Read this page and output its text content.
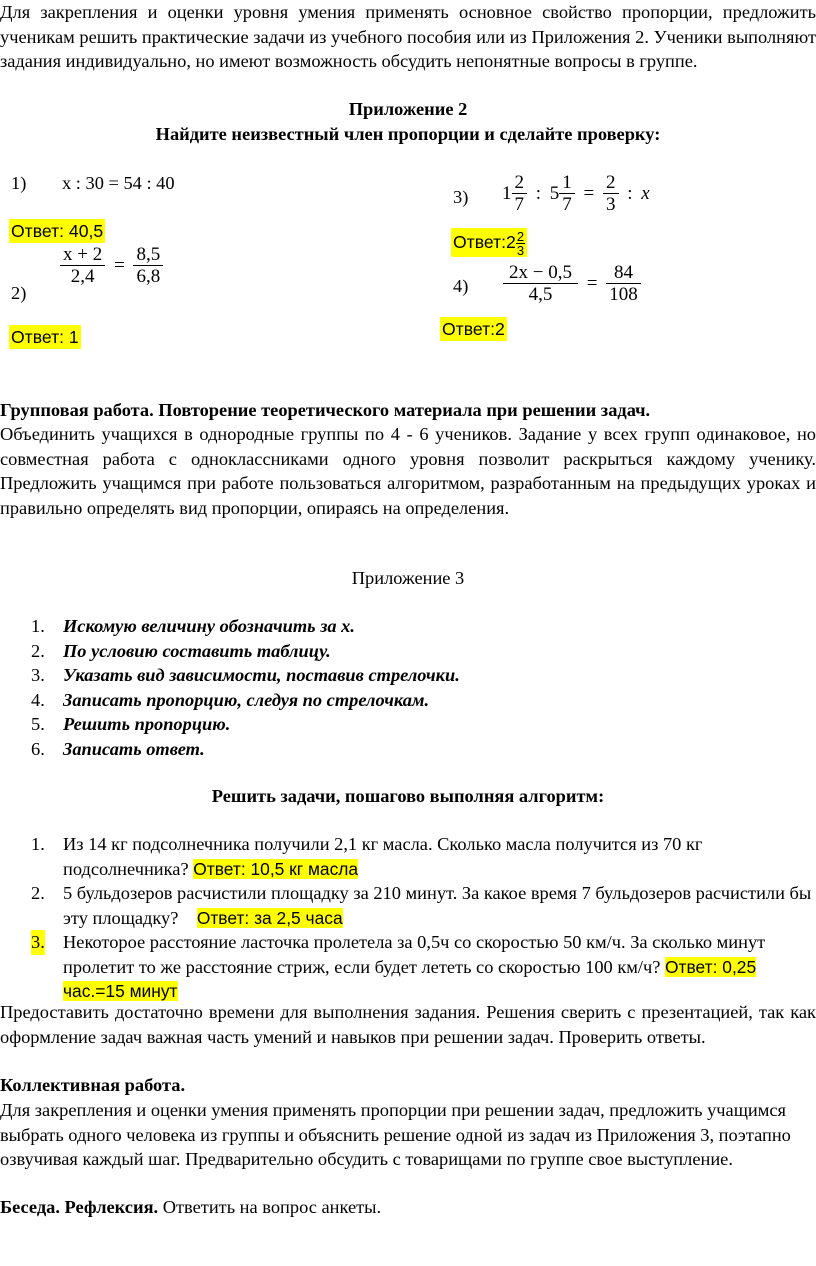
Для закрепления и оценки уровня умения применять основное свойство пропорции, предложить ученикам решить практические задачи из учебного пособия или из Приложения 2. Ученики выполняют задания индивидуально, но имеют возможность обсудить непонятные вопросы в группе.

Приложение 2

Найдите неизвестный член пропорции и сделайте проверку:

1) x : 30 = 54 : 40
Ответ: 40,5
$\frac{x + 2}{2,4} = \frac{8,5}{6,8}$
2)
Ответ: 1
3) $1 \frac{2}{7}$ : $5 \frac{1}{7} = \frac{2}{3}$ : x
Ответ:2 $\frac{2}{3}$
$4) \frac{2x - 0,5}{4,5} = \frac{84}{108}$
Ответ:2

Групповая работа. Повторение теоретического материала при решении задач.

Объединить учащихся в однородные группы по 4 - 6 учеников. Задание у всех групп одинаковое, но совместная работа с одноклассниками одного уровня позволит раскрыться каждому ученику. Предложить учащимся при работе пользоваться алгоритмом, разработанным на предыдущих уроках и правильно определять вид пропорции, опираясь на определения.

Приложение 3

1. Искомую величину обозначить за х.
2. По условию составить таблицу.
3. Указать вид зависимости, поставив стрелочки.
4. Записать пропорцию, следуя по стрелочкам.
5. Решить пропорцию.
6. Записать ответ.

Решить задачи, пошагово выполняя алгоритм:

1. Из 14 кг подсолнечника получили 2,1 кг масла. Сколько масла получится из 70 кг подсолнечника? Ответ: 10,5 кг масла
2. 5 бульдозеров расчистили площадку за 210 минут. За какое время 7 бульдозеров расчистили бы эту площадку?    Ответ: за 2,5 часа
3. Некоторое расстояние ласточка пролетела за 0,5ч со скоростью 50 км/ч. За сколько минут пролетит то же расстояние стриж, если будет лететь со скоростью 100 км/ч? Ответ: 0,25 час.=15 минут

Предоставить достаточно времени для выполнения задания. Решения сверить с презентацией, так как оформление задач важная часть умений и навыков при решении задач. Проверить ответы.

Коллективная работа.

Для закрепления и оценки умения применять пропорции при решении задач, предложить учащимся выбрать одного человека из группы и объяснить решение одной из задач из Приложения 3, поэтапно озвучивая каждый шаг. Предварительно обсудить с товарищами по группе свое выступление.

Беседа. Рефлексия. Ответить на вопрос анкеты.
